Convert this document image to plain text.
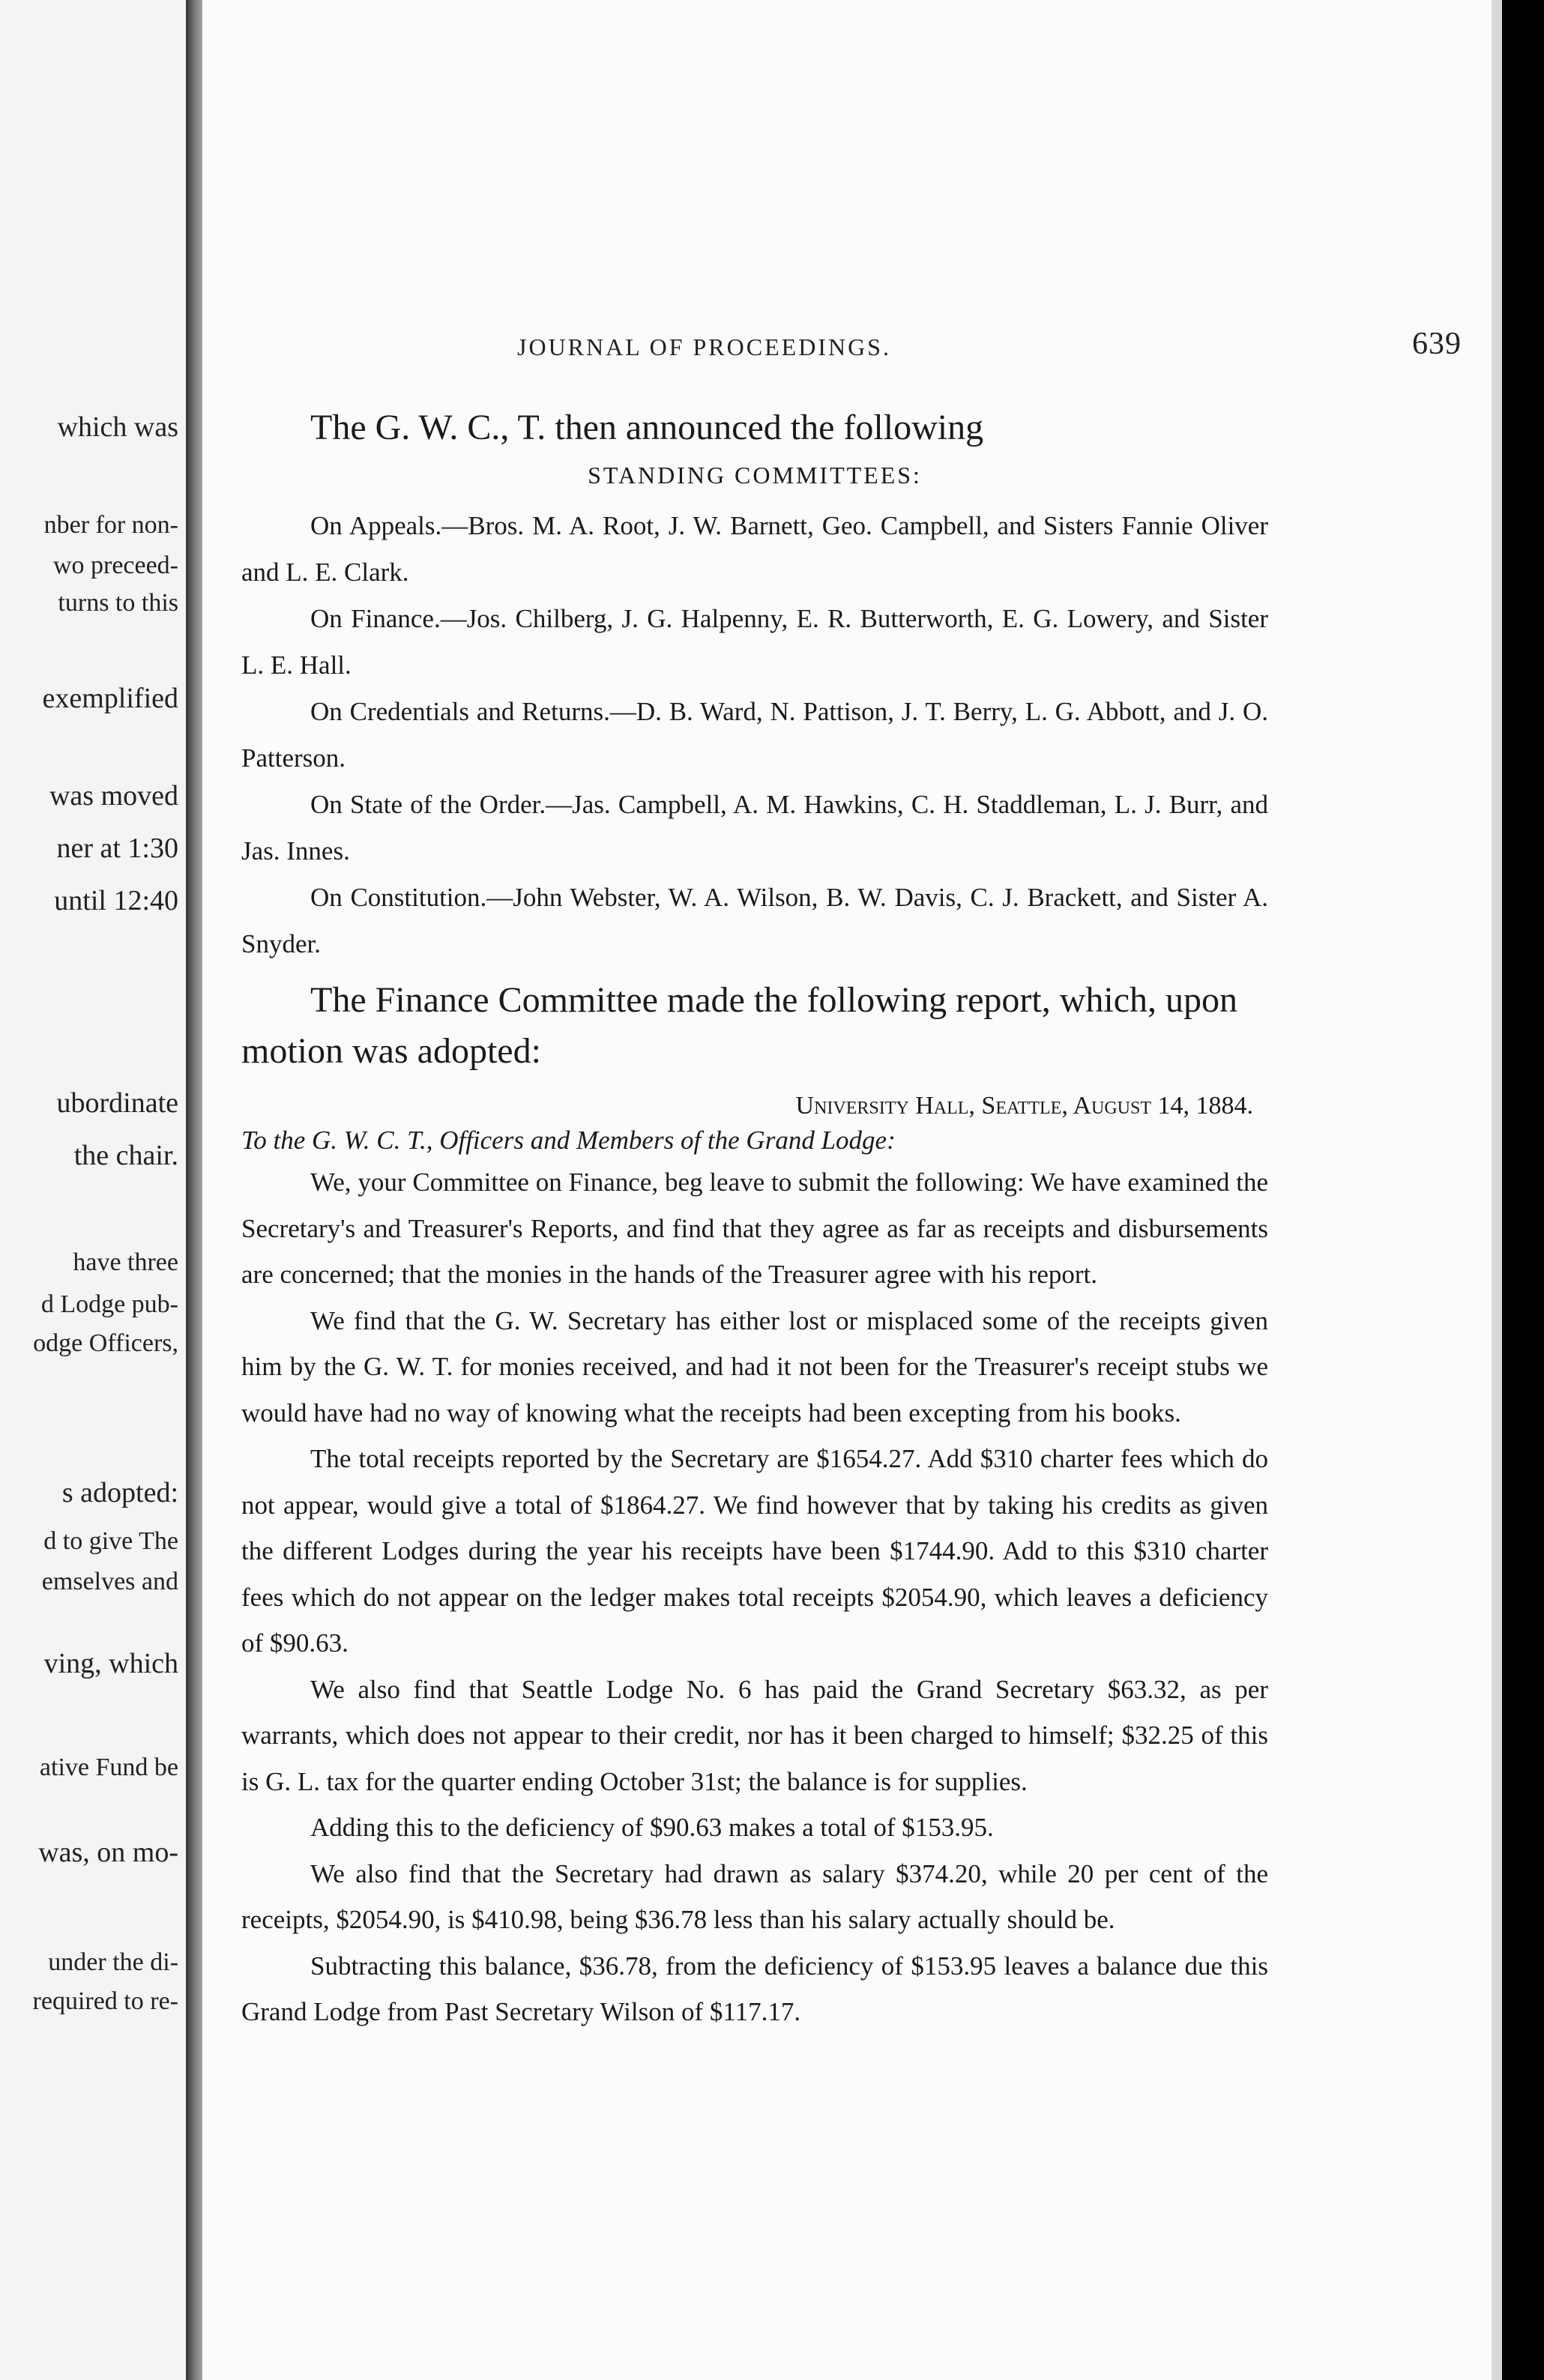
which was
nber for non-
wo preceed-
turns to this
exemplified
was moved
ner at 1:30
until 12:40
ubordinate
the chair.
have three
d Lodge pub-
odge Officers,
s adopted:
d to give The
emselves and
ving, which
ative Fund be
was, on mo-
under the di-
required to re-
JOURNAL OF PROCEEDINGS.	639

The G. W. C., T. then announced the following

STANDING COMMITTEES:

On Appeals.—Bros. M. A. Root, J. W. Barnett, Geo. Campbell, and Sisters Fannie Oliver and L. E. Clark.

On Finance.—Jos. Chilberg, J. G. Halpenny, E. R. Butterworth, E. G. Lowery, and Sister L. E. Hall.

On Credentials and Returns.—D. B. Ward, N. Pattison, J. T. Berry, L. G. Abbott, and J. O. Patterson.

On State of the Order.—Jas. Campbell, A. M. Hawkins, C. H. Staddleman, L. J. Burr, and Jas. Innes.

On Constitution.—John Webster, W. A. Wilson, B. W. Davis, C. J. Brackett, and Sister A. Snyder.

The Finance Committee made the following report, which, upon motion was adopted:

University Hall, Seattle, August 14, 1884.
To the G. W. C. T., Officers and Members of the Grand Lodge:

We, your Committee on Finance, beg leave to submit the following: We have examined the Secretary's and Treasurer's Reports, and find that they agree as far as receipts and disbursements are concerned; that the monies in the hands of the Treasurer agree with his report.

We find that the G. W. Secretary has either lost or misplaced some of the receipts given him by the G. W. T. for monies received, and had it not been for the Treasurer's receipt stubs we would have had no way of knowing what the receipts had been excepting from his books.

The total receipts reported by the Secretary are $1654.27. Add $310 charter fees which do not appear, would give a total of $1864.27. We find however that by taking his credits as given the different Lodges during the year his receipts have been $1744.90. Add to this $310 charter fees which do not appear on the ledger makes total receipts $2054.90, which leaves a deficiency of $90.63.

We also find that Seattle Lodge No. 6 has paid the Grand Secretary $63.32, as per warrants, which does not appear to their credit, nor has it been charged to himself; $32.25 of this is G. L. tax for the quarter ending October 31st; the balance is for supplies.

Adding this to the deficiency of $90.63 makes a total of $153.95.

We also find that the Secretary had drawn as salary $374.20, while 20 per cent of the receipts, $2054.90, is $410.98, being $36.78 less than his salary actually should be.

Subtracting this balance, $36.78, from the deficiency of $153.95 leaves a balance due this Grand Lodge from Past Secretary Wilson of $117.17.
